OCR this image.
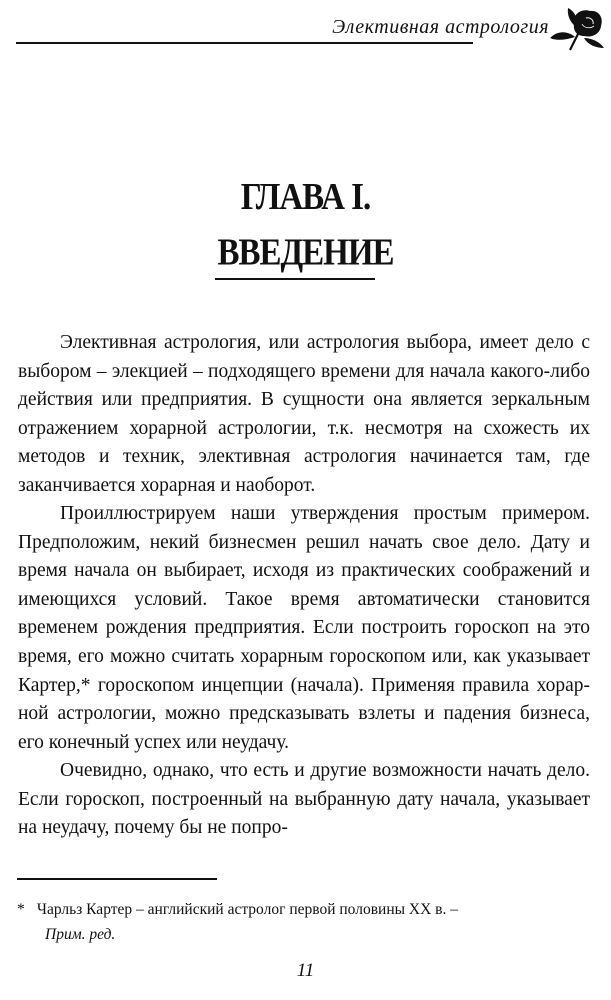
Элективная астрология
ГЛАВА I.
ВВЕДЕНИЕ

Элективная астрология, или астрология выбора, имеет дело с выбором – элекцией – подходящего времени для начала какого-либо действия или предприятия. В сущности она является зеркальным отражением хорарной астрологии, т.к. несмотря на схожесть их методов и техник, элективная астрология начинается там, где заканчивается хорарная и наоборот.

Проиллюстрируем наши утверждения простым примером. Предположим, некий бизнесмен решил начать свое дело. Дату и время начала он выбирает, исходя из практических соображений и имеющихся условий. Такое время автоматически становится временем рождения предприятия. Если построить гороскоп на это время, его можно считать хорарным гороскопом или, как указывает Картер,* гороскопом инцепции (начала). Применяя правила хорарной астрологии, можно предсказывать взлеты и падения бизнеса, его конечный успех или неудачу.

Очевидно, однако, что есть и другие возможности начать дело. Если гороскоп, построенный на выбранную дату начала, указывает на неудачу, почему бы не попро-

* Чарльз Картер – английский астролог первой половины XX в. –
Прим. ред.
11
